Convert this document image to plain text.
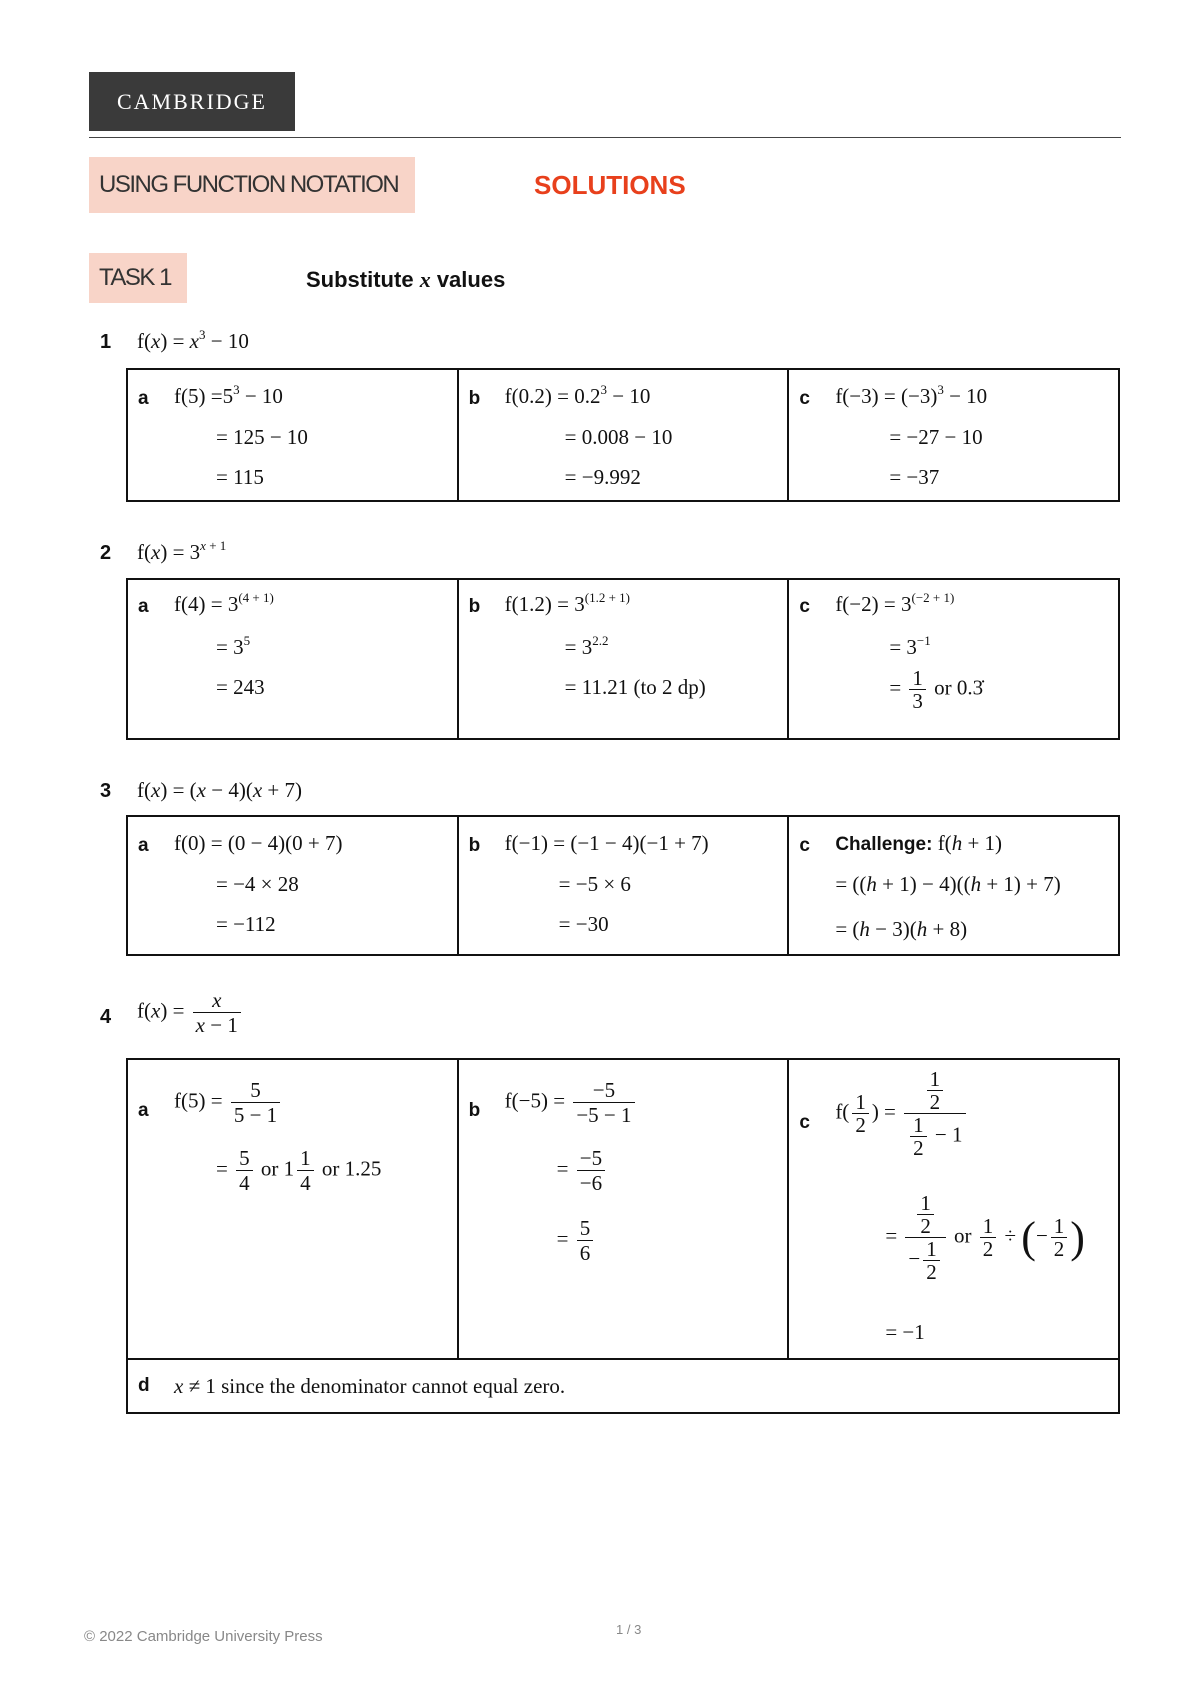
CAMBRIDGE
USING FUNCTION NOTATION	SOLUTIONS
TASK 1	Substitute x values
1 $f(x) = x^3 - 10$
a $f(5) =5^3 - 10$
= 125 − 10
= 115

b $f(0.2) = 0.2^3 - 10$
= 0.008 − 10
= −9.992

c $f(-3) = (-3)^3 - 10$
= −27 − 10
= −37
2 $f(x) = 3^{x + 1}$
a $f(4) = 3^{(4 + 1)}$
= $3^5$
= 243

b $f(1.2) = 3^{(1.2 + 1)}$
= $3^{2.2}$
= 11.21 (to 2 dp)

c $f(-2) = 3^{(-2 + 1)}$
= $3^{-1}$
= $\frac{1}{3}$ or 0.3̇
3 f(x) = (x − 4)(x + 7)
a f(0) = (0 − 4)(0 + 7)
= −4 × 28
= −112

b f(−1) = (−1 − 4)(−1 + 7)
= −5 × 6
= −30

c Challenge: f(h + 1)
= ((h + 1) − 4)((h + 1) + 7)
= (h − 3)(h + 8)
4 $f(x) = \frac{x}{x - 1}$
a $f(5) = \frac{5}{5 - 1}$
= $\frac{5}{4}$ or $1 \frac{1}{4}$ or 1.25

b $f(-5) = \frac{-5}{-5 - 1}$
= $\frac{-5}{-6}$
= $\frac{5}{6}$

c $f( \frac{1}{2}$ ) = $\frac{\frac{1}{2}}{\frac{1}{2} - 1}$
= $\frac{\frac{1}{2}}{- \frac{1}{2}}$ or $\frac{1}{2}$ ÷ (− $\frac{1}{2}$ )
= −1

d x ≠ 1 since the denominator cannot equal zero.
© 2022 Cambridge University Press	1 / 3
